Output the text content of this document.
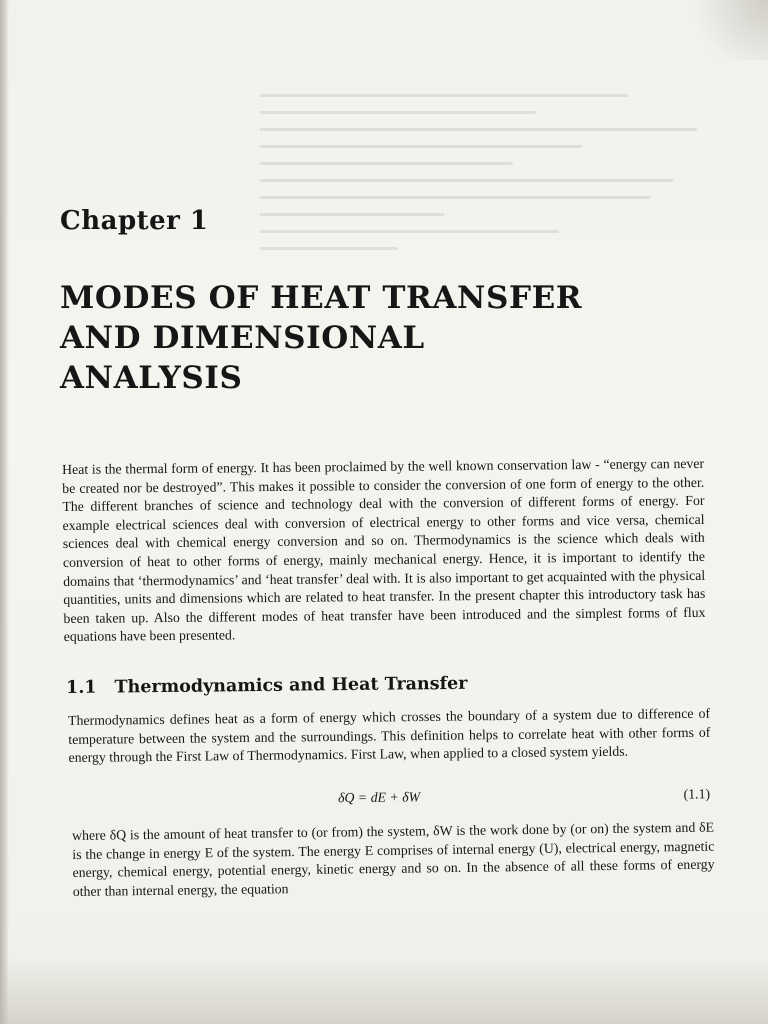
Chapter 1
MODES OF HEAT TRANSFER
AND DIMENSIONAL
ANALYSIS

Heat is the thermal form of energy. It has been proclaimed by the well known conservation law - “energy can never be created nor be destroyed”. This makes it possible to consider the conversion of one form of energy to the other. The different branches of science and technology deal with the conversion of different forms of energy. For example electrical sciences deal with conversion of electrical energy to other forms and vice versa, chemical sciences deal with chemical energy conversion and so on. Thermodynamics is the science which deals with conversion of heat to other forms of energy, mainly mechanical energy. Hence, it is important to identify the domains that ‘thermodynamics’ and ‘heat transfer’ deal with. It is also important to get acquainted with the physical quantities, units and dimensions which are related to heat transfer. In the present chapter this introductory task has been taken up. Also the different modes of heat transfer have been introduced and the simplest forms of flux equations have been presented.

1.1 Thermodynamics and Heat Transfer

Thermodynamics defines heat as a form of energy which crosses the boundary of a system due to difference of temperature between the system and the surroundings. This definition helps to correlate heat with other forms of energy through the First Law of Thermodynamics. First Law, when applied to a closed system yields.

δQ = dE + δW	(1.1)

where δQ is the amount of heat transfer to (or from) the system, δW is the work done by (or on) the system and δE is the change in energy E of the system. The energy E comprises of internal energy (U), electrical energy, magnetic energy, chemical energy, potential energy, kinetic energy and so on. In the absence of all these forms of energy other than internal energy, the equation
